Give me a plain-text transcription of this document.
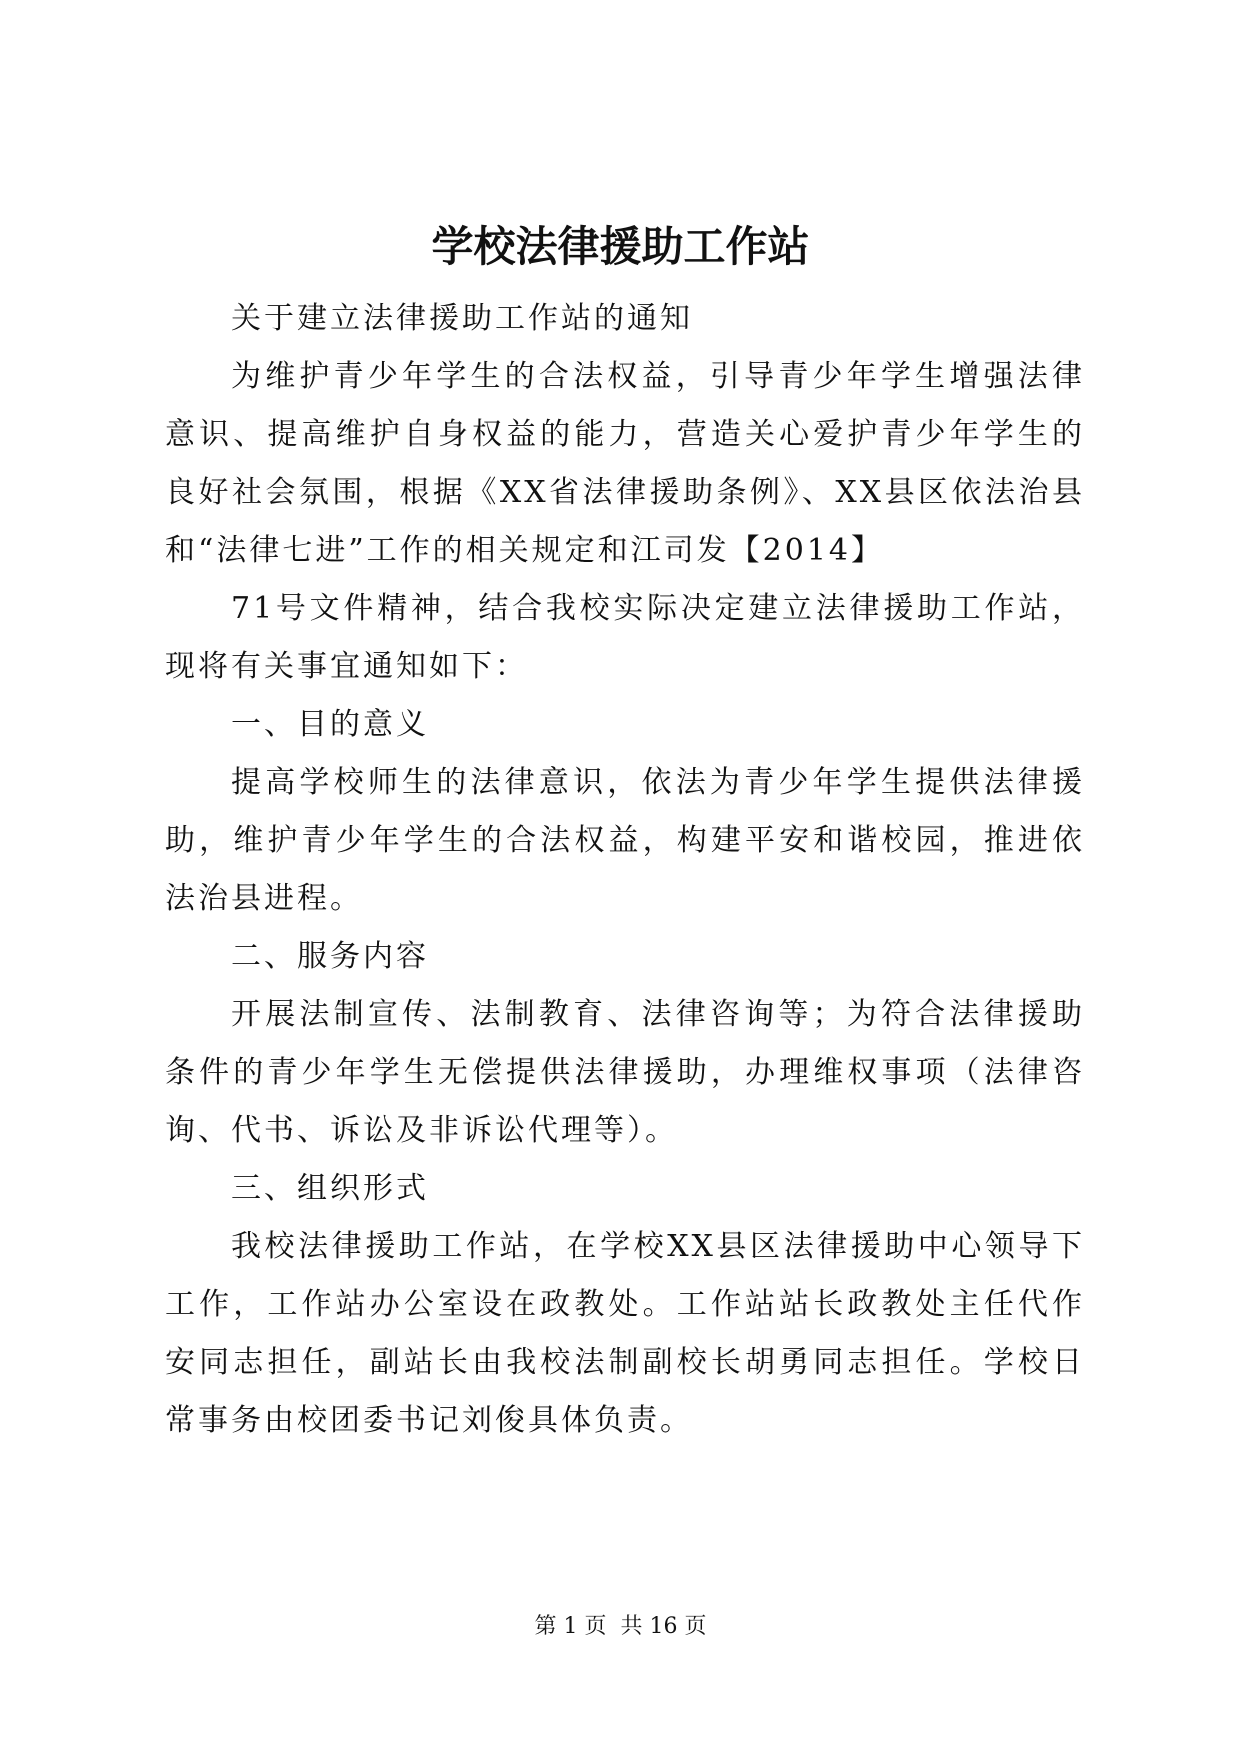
学校法律援助工作站

关于建立法律援助工作站的通知

为维护青少年学生的合法权益，引导青少年学生增强法律意识、提高维护自身权益的能力，营造关心爱护青少年学生的良好社会氛围，根据《XX省法律援助条例》、XX县区依法治县和“法律七进”工作的相关规定和江司发【2014】

71号文件精神，结合我校实际决定建立法律援助工作站，现将有关事宜通知如下：

一、目的意义

提高学校师生的法律意识，依法为青少年学生提供法律援助，维护青少年学生的合法权益，构建平安和谐校园，推进依法治县进程。

二、服务内容

开展法制宣传、法制教育、法律咨询等；为符合法律援助条件的青少年学生无偿提供法律援助，办理维权事项（法律咨询、代书、诉讼及非诉讼代理等）。

三、组织形式

我校法律援助工作站，在学校XX县区法律援助中心领导下工作，工作站办公室设在政教处。工作站站长政教处主任代作安同志担任，副站长由我校法制副校长胡勇同志担任。学校日常事务由校团委书记刘俊具体负责。

第 1 页  共 16 页
